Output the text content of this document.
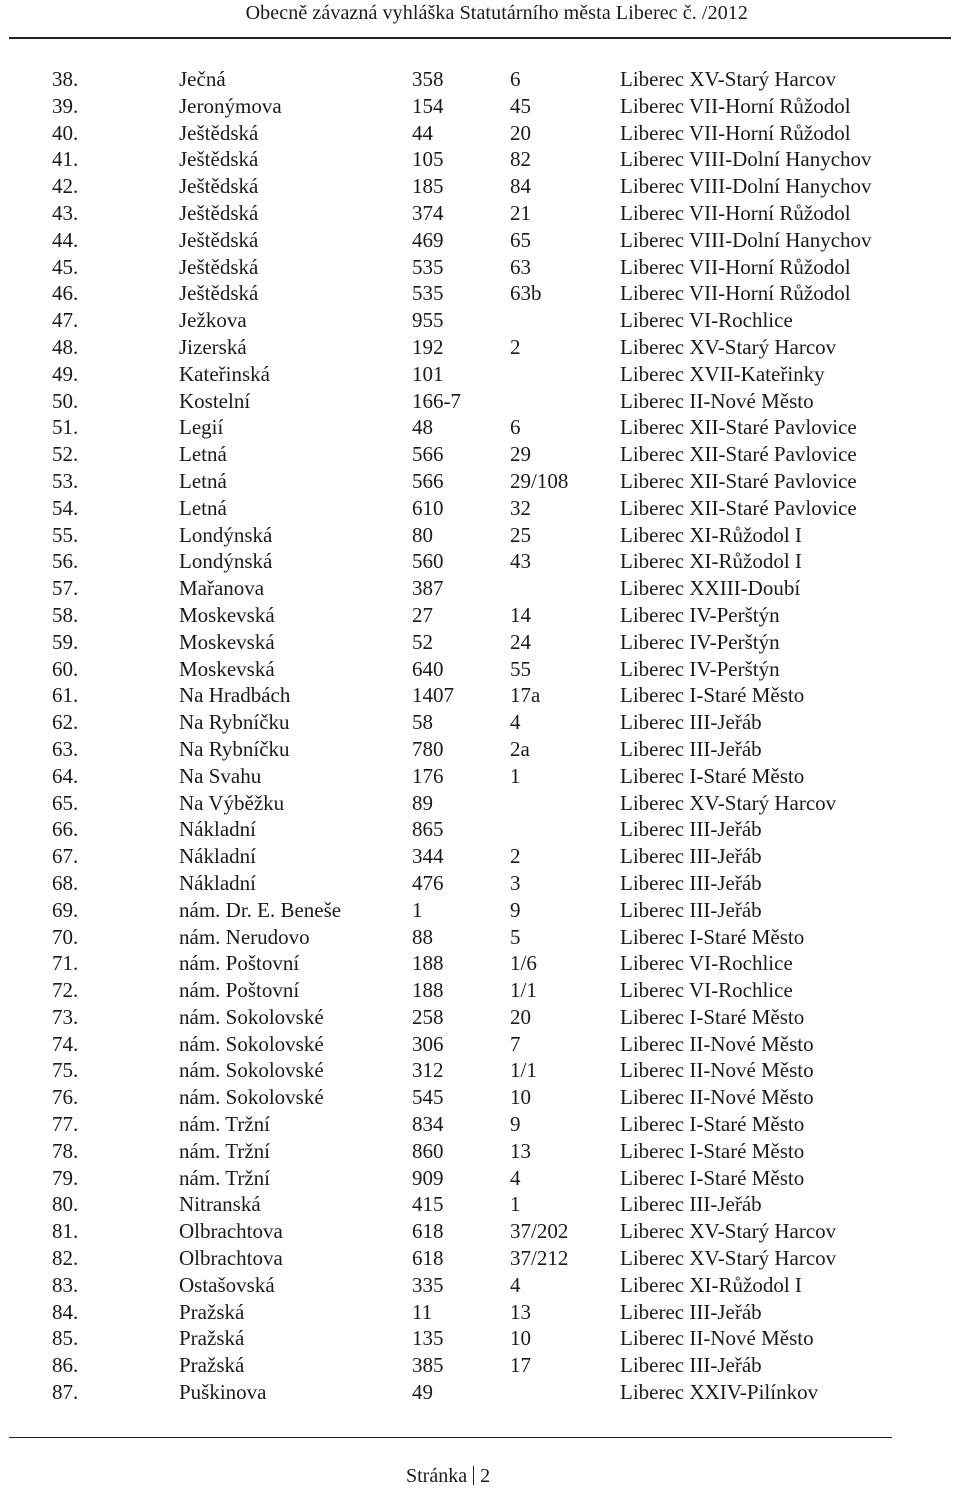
Obecně závazná vyhláška Statutárního města Liberec č. /2012
38.	Ječná	358	6	Liberec XV-Starý Harcov
39.	Jeronýmova	154	45	Liberec VII-Horní Růžodol
40.	Ještědská	44	20	Liberec VII-Horní Růžodol
41.	Ještědská	105	82	Liberec VIII-Dolní Hanychov
42.	Ještědská	185	84	Liberec VIII-Dolní Hanychov
43.	Ještědská	374	21	Liberec VII-Horní Růžodol
44.	Ještědská	469	65	Liberec VIII-Dolní Hanychov
45.	Ještědská	535	63	Liberec VII-Horní Růžodol
46.	Ještědská	535	63b	Liberec VII-Horní Růžodol
47.	Ježkova	955		Liberec VI-Rochlice
48.	Jizerská	192	2	Liberec XV-Starý Harcov
49.	Kateřinská	101		Liberec XVII-Kateřinky
50.	Kostelní	166-7		Liberec II-Nové Město
51.	Legií	48	6	Liberec XII-Staré Pavlovice
52.	Letná	566	29	Liberec XII-Staré Pavlovice
53.	Letná	566	29/108	Liberec XII-Staré Pavlovice
54.	Letná	610	32	Liberec XII-Staré Pavlovice
55.	Londýnská	80	25	Liberec XI-Růžodol I
56.	Londýnská	560	43	Liberec XI-Růžodol I
57.	Mařanova	387		Liberec XXIII-Doubí
58.	Moskevská	27	14	Liberec IV-Perštýn
59.	Moskevská	52	24	Liberec IV-Perštýn
60.	Moskevská	640	55	Liberec IV-Perštýn
61.	Na Hradbách	1407	17a	Liberec I-Staré Město
62.	Na Rybníčku	58	4	Liberec III-Jeřáb
63.	Na Rybníčku	780	2a	Liberec III-Jeřáb
64.	Na Svahu	176	1	Liberec I-Staré Město
65.	Na Výběžku	89		Liberec XV-Starý Harcov
66.	Nákladní	865		Liberec III-Jeřáb
67.	Nákladní	344	2	Liberec III-Jeřáb
68.	Nákladní	476	3	Liberec III-Jeřáb
69.	nám. Dr. E. Beneše	1	9	Liberec III-Jeřáb
70.	nám. Nerudovo	88	5	Liberec I-Staré Město
71.	nám. Poštovní	188	1/6	Liberec VI-Rochlice
72.	nám. Poštovní	188	1/1	Liberec VI-Rochlice
73.	nám. Sokolovské	258	20	Liberec I-Staré Město
74.	nám. Sokolovské	306	7	Liberec II-Nové Město
75.	nám. Sokolovské	312	1/1	Liberec II-Nové Město
76.	nám. Sokolovské	545	10	Liberec II-Nové Město
77.	nám. Tržní	834	9	Liberec I-Staré Město
78.	nám. Tržní	860	13	Liberec I-Staré Město
79.	nám. Tržní	909	4	Liberec I-Staré Město
80.	Nitranská	415	1	Liberec III-Jeřáb
81.	Olbrachtova	618	37/202	Liberec XV-Starý Harcov
82.	Olbrachtova	618	37/212	Liberec XV-Starý Harcov
83.	Ostašovská	335	4	Liberec XI-Růžodol I
84.	Pražská	11	13	Liberec III-Jeřáb
85.	Pražská	135	10	Liberec II-Nové Město
86.	Pražská	385	17	Liberec III-Jeřáb
87.	Puškinova	49		Liberec XXIV-Pilínkov
Stránka 2
